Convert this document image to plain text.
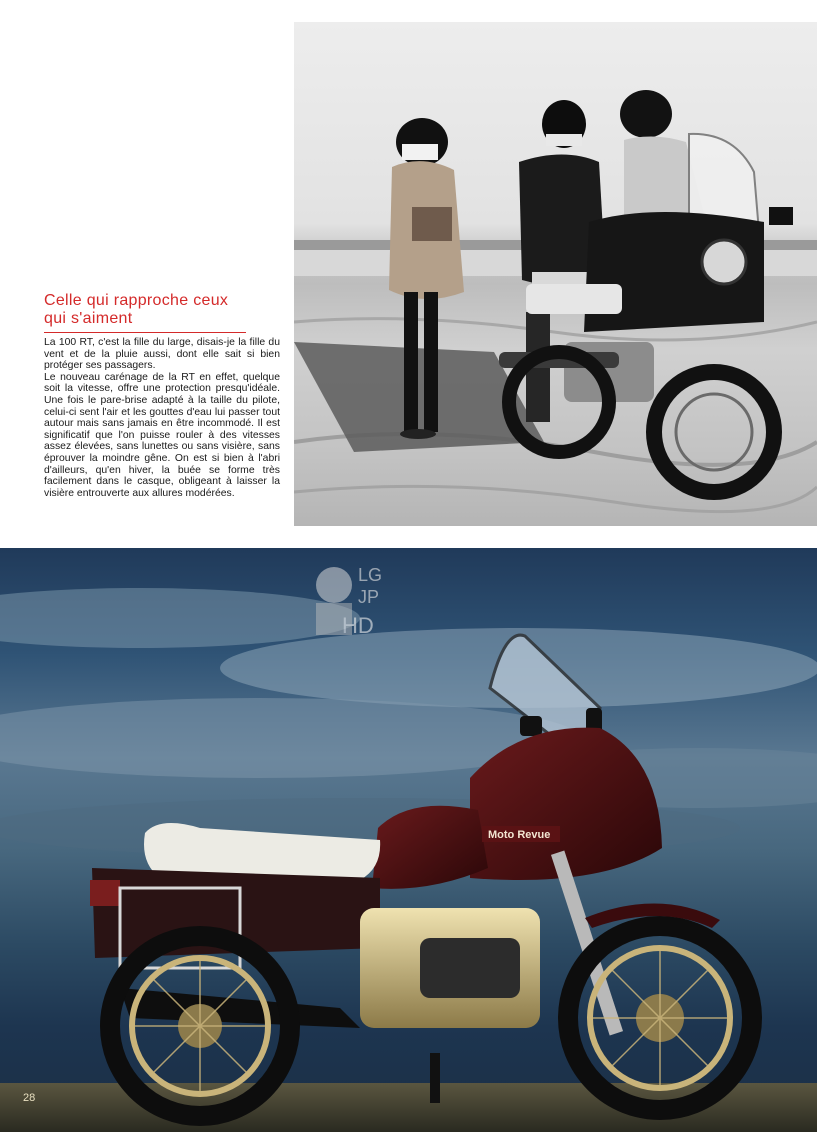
Celle qui rapproche ceux
qui s'aiment

La 100 RT, c'est la fille du large, disais-je la fille du vent et de la pluie aussi, dont elle sait si bien protéger ses passagers.

Le nouveau carénage de la RT en effet, quelque soit la vitesse, offre une protection presqu'idéale. Une fois le pare-brise adapté à la taille du pilote, celui-ci sent l'air et les gouttes d'eau lui passer tout autour mais sans jamais en être incommodé. Il est significatif que l'on puisse rouler à des vitesses assez élevées, sans lunettes ou sans visière, sans éprouver la moindre gêne. On est si bien à l'abri d'ailleurs, qu'en hiver, la buée se forme très facilement dans le casque, obligeant à laisser la visière entrouverte aux allures modérées.

Moto Revue
LG
JP
HD
28
